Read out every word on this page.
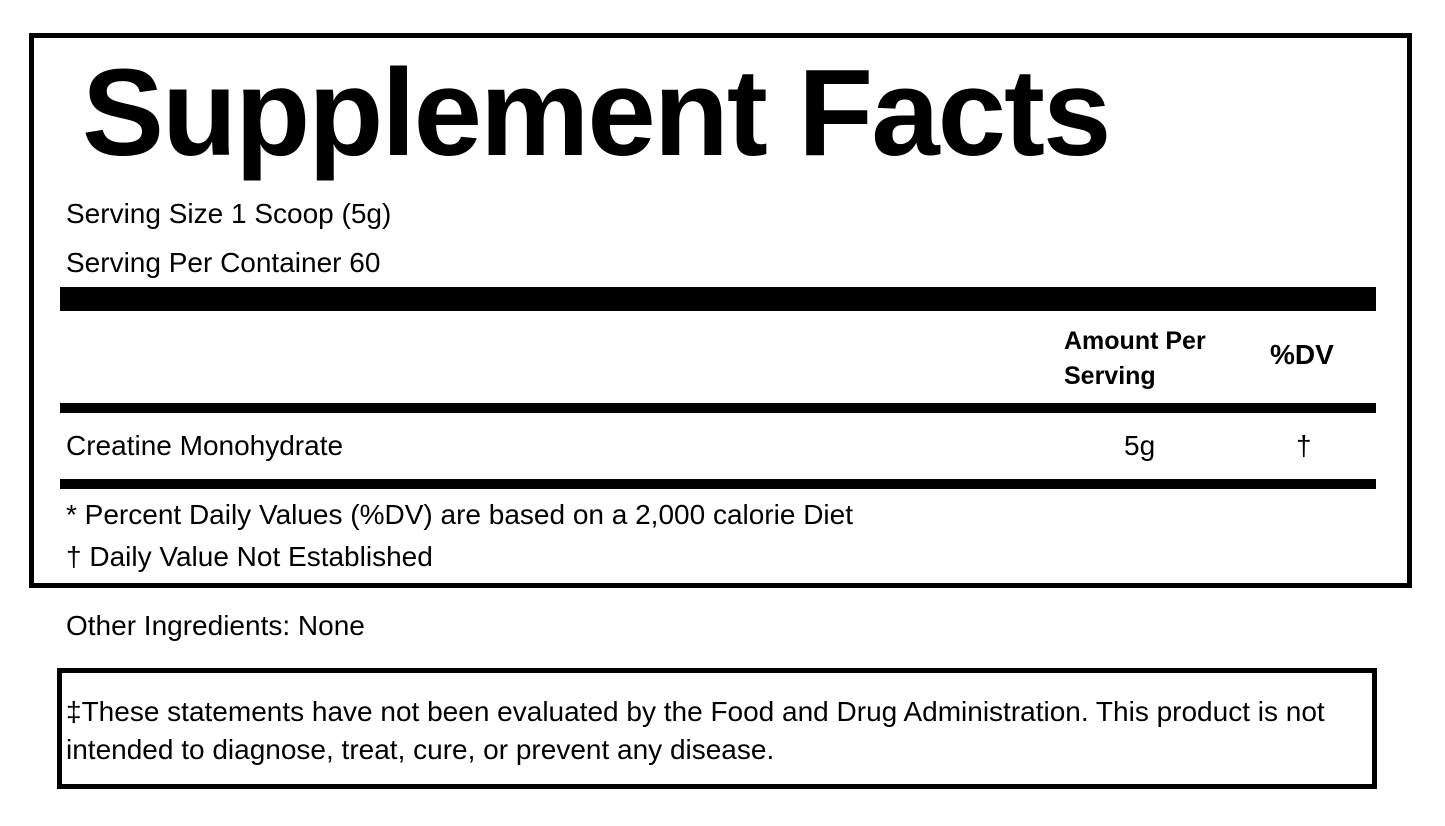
Supplement Facts
Serving Size 1 Scoop (5g)
Serving Per Container 60
Amount Per Serving
%DV
Creatine Monohydrate	5g	†
* Percent Daily Values (%DV) are based on a 2,000 calorie Diet
† Daily Value Not Established
Other Ingredients: None
‡These statements have not been evaluated by the Food and Drug Administration. This product is not intended to diagnose, treat, cure, or prevent any disease.
